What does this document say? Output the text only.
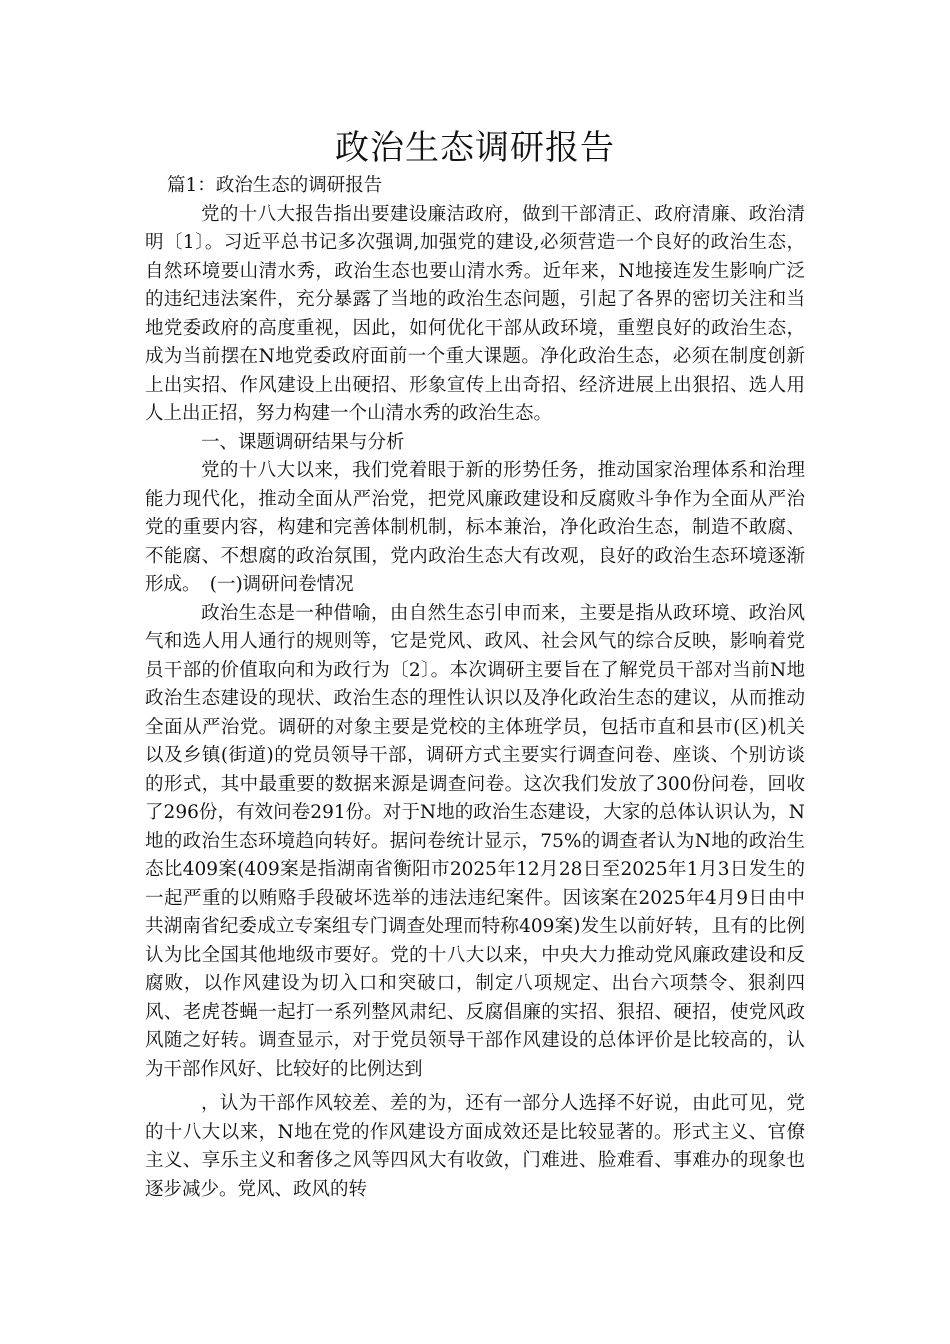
政治生态调研报告

篇1：政治生态的调研报告

党的十八大报告指出要建设廉洁政府，做到干部清正、政府清廉、政治清明〔1〕。习近平总书记多次强调,加强党的建设,必须营造一个良好的政治生态，自然环境要山清水秀，政治生态也要山清水秀。近年来，N地接连发生影响广泛的违纪违法案件，充分暴露了当地的政治生态问题，引起了各界的密切关注和当地党委政府的高度重视，因此，如何优化干部从政环境，重塑良好的政治生态，成为当前摆在N地党委政府面前一个重大课题。净化政治生态，必须在制度创新上出实招、作风建设上出硬招、形象宣传上出奇招、经济进展上出狠招、选人用人上出正招，努力构建一个山清水秀的政治生态。

一、课题调研结果与分析

党的十八大以来，我们党着眼于新的形势任务，推动国家治理体系和治理能力现代化，推动全面从严治党，把党风廉政建设和反腐败斗争作为全面从严治党的重要内容，构建和完善体制机制，标本兼治，净化政治生态，制造不敢腐、不能腐、不想腐的政治氛围，党内政治生态大有改观，良好的政治生态环境逐渐形成。　(一)调研问卷情况

政治生态是一种借喻，由自然生态引申而来，主要是指从政环境、政治风气和选人用人通行的规则等，它是党风、政风、社会风气的综合反映，影响着党员干部的价值取向和为政行为〔2〕。本次调研主要旨在了解党员干部对当前N地政治生态建设的现状、政治生态的理性认识以及净化政治生态的建议，从而推动全面从严治党。调研的对象主要是党校的主体班学员，包括市直和县市(区)机关以及乡镇(街道)的党员领导干部，调研方式主要实行调查问卷、座谈、个别访谈的形式，其中最重要的数据来源是调查问卷。这次我们发放了300份问卷，回收了296份，有效问卷291份。对于N地的政治生态建设，大家的总体认识认为，N地的政治生态环境趋向转好。据问卷统计显示，75%的调查者认为N地的政治生态比409案(409案是指湖南省衡阳市2025年12月28日至2025年1月3日发生的一起严重的以贿赂手段破坏选举的违法违纪案件。因该案在2025年4月9日由中共湖南省纪委成立专案组专门调查处理而特称409案)发生以前好转，且有的比例认为比全国其他地级市要好。党的十八大以来，中央大力推动党风廉政建设和反腐败，以作风建设为切入口和突破口，制定八项规定、出台六项禁令、狠刹四风、老虎苍蝇一起打一系列整风肃纪、反腐倡廉的实招、狠招、硬招，使党风政风随之好转。调查显示，对于党员领导干部作风建设的总体评价是比较高的，认为干部作风好、比较好的比例达到

，认为干部作风较差、差的为，还有一部分人选择不好说，由此可见，党的十八大以来，N地在党的作风建设方面成效还是比较显著的。形式主义、官僚主义、享乐主义和奢侈之风等四风大有收敛，门难进、脸难看、事难办的现象也逐步减少。党风、政风的转
